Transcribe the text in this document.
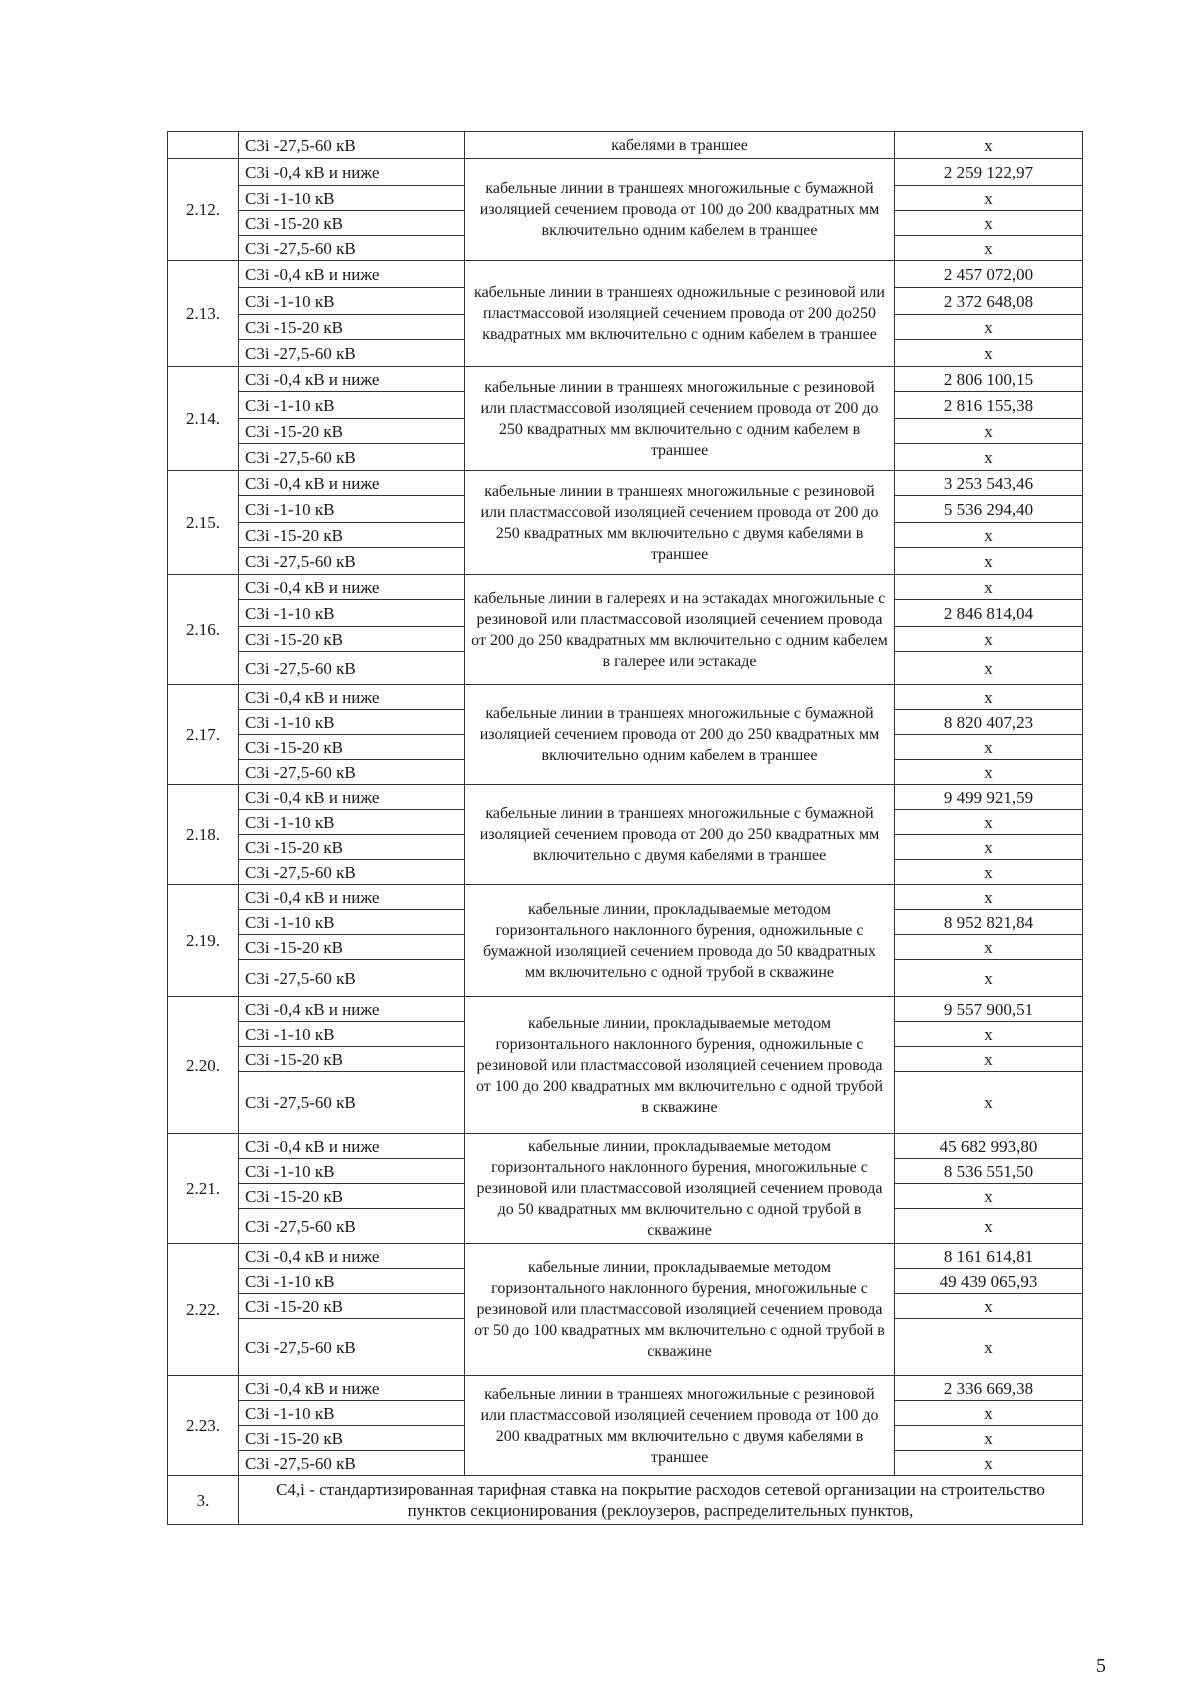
	С3i -27,5-60 кВ	кабелями в траншее	х
2.12.	С3i -0,4 кВ и ниже	кабельные линии в траншеях многожильные с бумажной изоляцией сечением провода от 100 до 200 квадратных мм включительно одним кабелем в траншее	2 259 122,97
	С3i -1-10 кВ		х
	С3i -15-20 кВ		х
	С3i -27,5-60 кВ		х
2.13.	С3i -0,4 кВ и ниже	кабельные линии в траншеях одножильные с резиновой или пластмассовой изоляцией сечением провода от 200 до250 квадратных мм включительно с одним кабелем в траншее	2 457 072,00
	С3i -1-10 кВ		2 372 648,08
	С3i -15-20 кВ		х
	С3i -27,5-60 кВ		х
2.14.	С3i -0,4 кВ и ниже	кабельные линии в траншеях многожильные с резиновой или пластмассовой изоляцией сечением провода от 200 до 250 квадратных мм включительно с одним кабелем в траншее	2 806 100,15
	С3i -1-10 кВ		2 816 155,38
	С3i -15-20 кВ		х
	С3i -27,5-60 кВ		х
2.15.	С3i -0,4 кВ и ниже	кабельные линии в траншеях многожильные с резиновой или пластмассовой изоляцией сечением провода от 200 до 250 квадратных мм включительно с двумя кабелями в траншее	3 253 543,46
	С3i -1-10 кВ		5 536 294,40
	С3i -15-20 кВ		х
	С3i -27,5-60 кВ		х
2.16.	С3i -0,4 кВ и ниже	кабельные линии в галереях и на эстакадах многожильные с резиновой или пластмассовой изоляцией сечением провода от 200 до 250 квадратных мм включительно с одним кабелем в галерее или эстакаде	х
	С3i -1-10 кВ		2 846 814,04
	С3i -15-20 кВ		х
	С3i -27,5-60 кВ		х
2.17.	С3i -0,4 кВ и ниже	кабельные линии в траншеях многожильные с бумажной изоляцией сечением провода от 200 до 250 квадратных мм включительно одним кабелем в траншее	х
	С3i -1-10 кВ		8 820 407,23
	С3i -15-20 кВ		х
	С3i -27,5-60 кВ		х
2.18.	С3i -0,4 кВ и ниже	кабельные линии в траншеях многожильные с бумажной изоляцией сечением провода от 200 до 250 квадратных мм включительно с двумя кабелями в траншее	9 499 921,59
	С3i -1-10 кВ		х
	С3i -15-20 кВ		х
	С3i -27,5-60 кВ		х
2.19.	С3i -0,4 кВ и ниже	кабельные линии, прокладываемые методом горизонтального наклонного бурения, одножильные с бумажной изоляцией сечением провода до 50 квадратных мм включительно с одной трубой в скважине	х
	С3i -1-10 кВ		8 952 821,84
	С3i -15-20 кВ		х
	С3i -27,5-60 кВ		х
2.20.	С3i -0,4 кВ и ниже	кабельные линии, прокладываемые методом горизонтального наклонного бурения, одножильные с резиновой или пластмассовой изоляцией сечением провода от 100 до 200 квадратных мм включительно с одной трубой в скважине	9 557 900,51
	С3i -1-10 кВ		х
	С3i -15-20 кВ		х
	С3i -27,5-60 кВ		х
2.21.	С3i -0,4 кВ и ниже	кабельные линии, прокладываемые методом горизонтального наклонного бурения, многожильные с резиновой или пластмассовой изоляцией сечением провода до 50 квадратных мм включительно с одной трубой в скважине	45 682 993,80
	С3i -1-10 кВ		8 536 551,50
	С3i -15-20 кВ		х
	С3i -27,5-60 кВ		х
2.22.	С3i -0,4 кВ и ниже	кабельные линии, прокладываемые методом горизонтального наклонного бурения, многожильные с резиновой или пластмассовой изоляцией сечением провода от 50 до 100 квадратных мм включительно с одной трубой в скважине	8 161 614,81
	С3i -1-10 кВ		49 439 065,93
	С3i -15-20 кВ		х
	С3i -27,5-60 кВ		х
2.23.	С3i -0,4 кВ и ниже	кабельные линии в траншеях многожильные с резиновой или пластмассовой изоляцией сечением провода от 100 до 200 квадратных мм включительно с двумя кабелями в траншее	2 336 669,38
	С3i -1-10 кВ		х
	С3i -15-20 кВ		х
	С3i -27,5-60 кВ		х
3.	С4,i - стандартизированная тарифная ставка на покрытие расходов сетевой организации на строительство пунктов секционирования (реклоузеров, распределительных пунктов,		
5
